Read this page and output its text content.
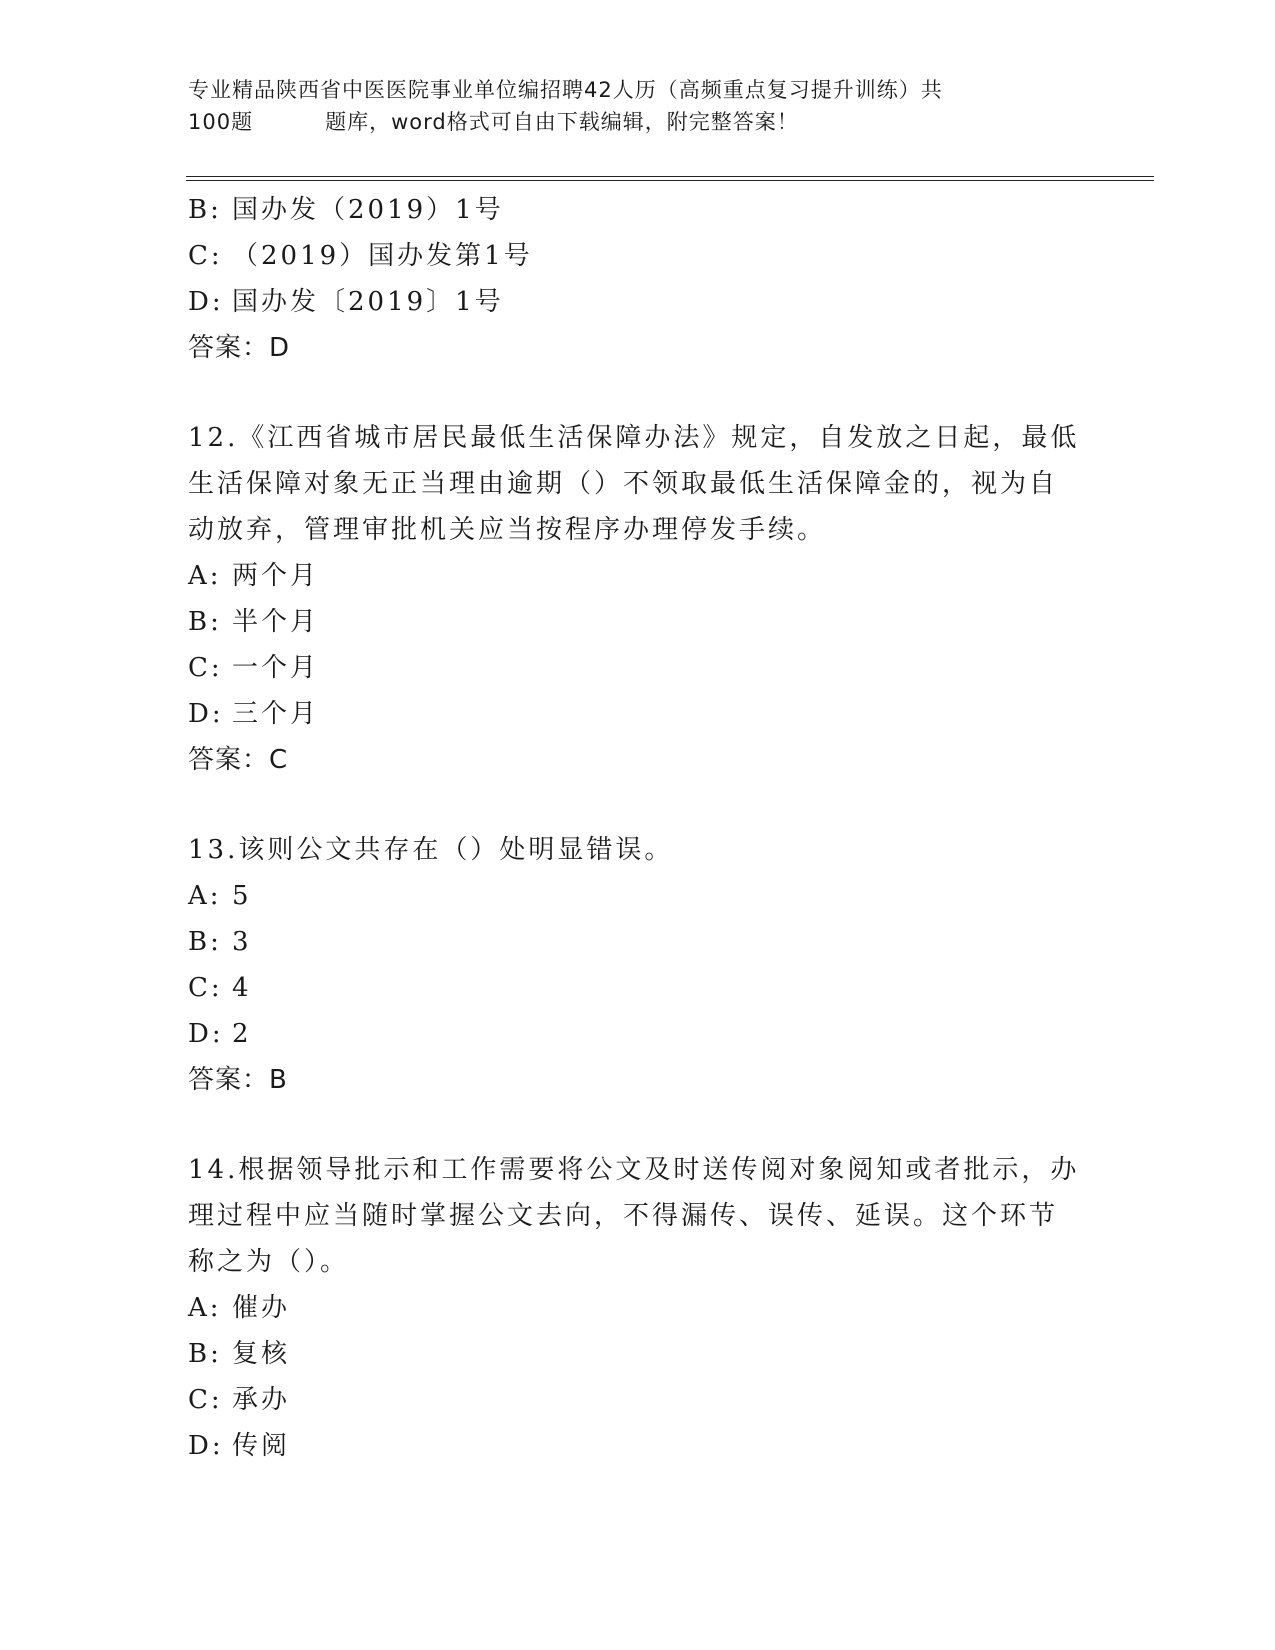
专业精品陕西省中医医院事业单位编招聘42人历（高频重点复习提升训练）共
100题	题库，word格式可自由下载编辑，附完整答案！
B: 国办发（2019）1号
C: （2019）国办发第1号
D: 国办发〔2019〕1号
答案：D
12.《江西省城市居民最低生活保障办法》规定，自发放之日起，最低
生活保障对象无正当理由逾期（）不领取最低生活保障金的，视为自
动放弃，管理审批机关应当按程序办理停发手续。
A: 两个月
B: 半个月
C: 一个月
D: 三个月
答案：C
13.该则公文共存在（）处明显错误。
A: 5
B: 3
C: 4
D: 2
答案：B
14.根据领导批示和工作需要将公文及时送传阅对象阅知或者批示，办
理过程中应当随时掌握公文去向，不得漏传、误传、延误。这个环节
称之为（）。
A: 催办
B: 复核
C: 承办
D: 传阅
